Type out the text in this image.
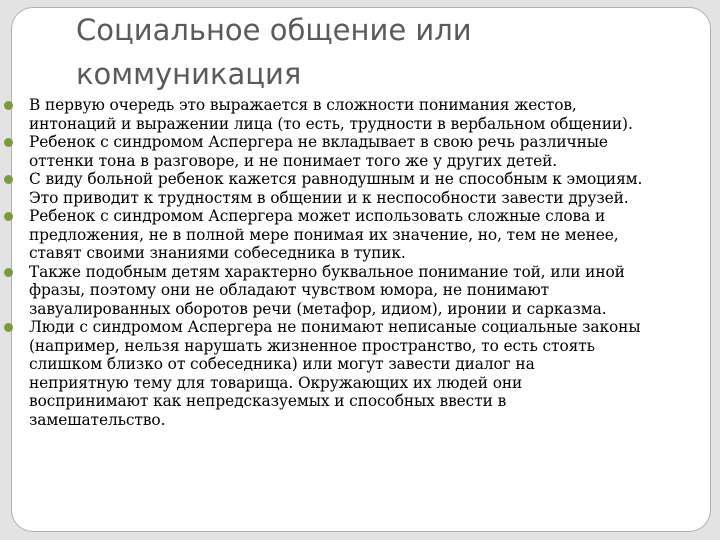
Социальное общение или
коммуникация
В первую очередь это выражается в сложности понимания жестов,
интонаций и выражении лица (то есть, трудности в вербальном общении).
Ребенок с синдромом Аспергера не вкладывает в свою речь различные
оттенки тона в разговоре, и не понимает того же у других детей.
С виду больной ребенок кажется равнодушным и не способным к эмоциям.
Это приводит к трудностям в общении и к неспособности завести друзей.
Ребенок с синдромом Аспергера может использовать сложные слова и
предложения, не в полной мере понимая их значение, но, тем не менее,
ставят своими знаниями собеседника в тупик.
Также подобным детям характерно буквальное понимание той, или иной
фразы, поэтому они не обладают чувством юмора, не понимают
завуалированных оборотов речи (метафор, идиом), иронии и сарказма.
Люди с синдромом Аспергера не понимают неписаные социальные законы
(например, нельзя нарушать жизненное пространство, то есть стоять
слишком близко от собеседника) или могут завести диалог на
неприятную тему для товарища. Окружающих их людей они
воспринимают как непредсказуемых и способных ввести в
замешательство.
